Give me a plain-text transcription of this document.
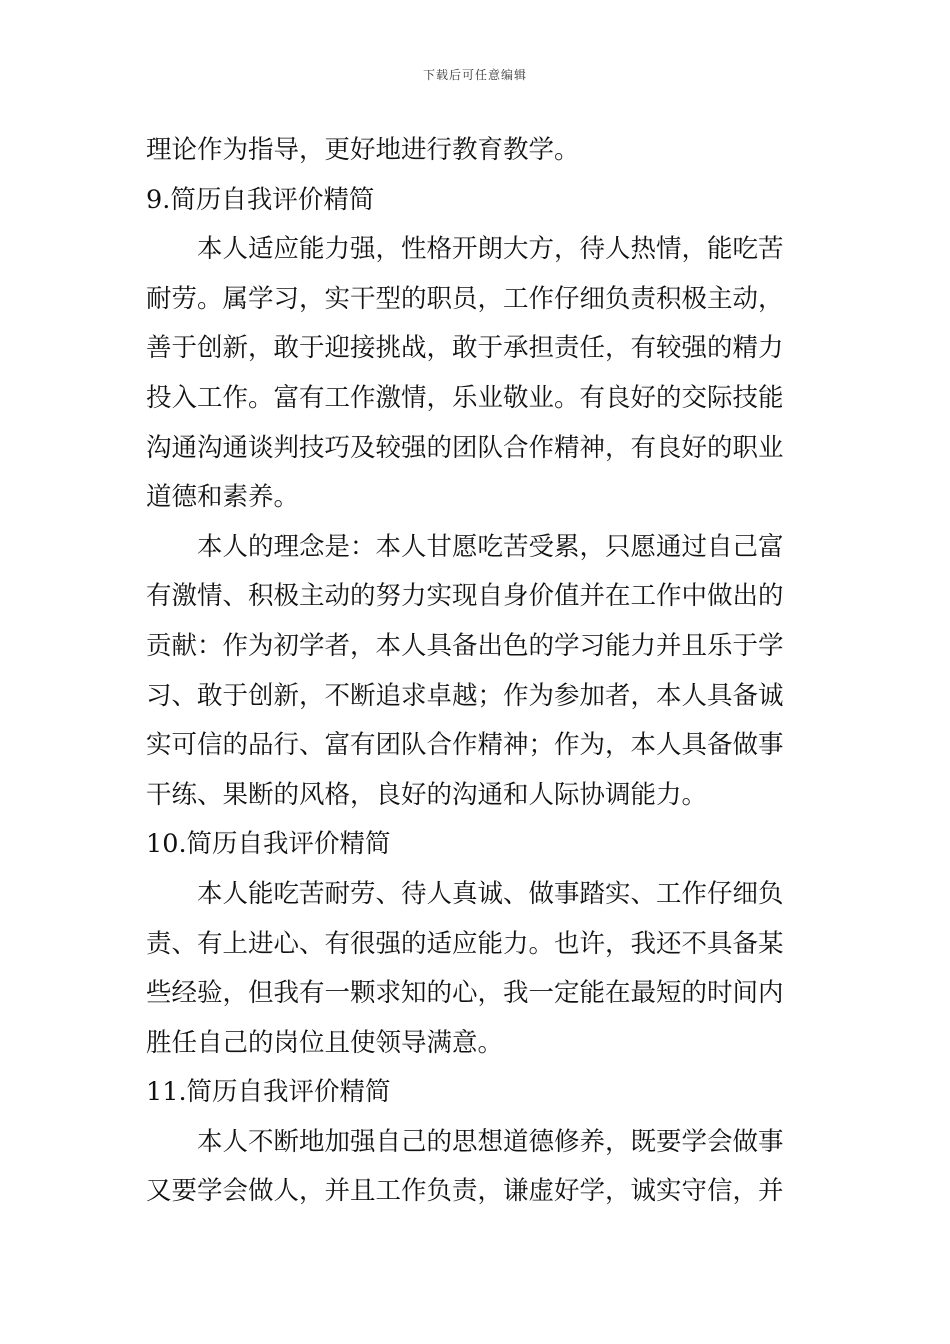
下载后可任意编辑
理论作为指导，更好地进行教育教学。
9.简历自我评价精简
本人适应能力强，性格开朗大方，待人热情，能吃苦
耐劳。属学习，实干型的职员，工作仔细负责积极主动，
善于创新，敢于迎接挑战，敢于承担责任，有较强的精力
投入工作。富有工作激情，乐业敬业。有良好的交际技能
沟通沟通谈判技巧及较强的团队合作精神，有良好的职业
道德和素养。
本人的理念是：本人甘愿吃苦受累，只愿通过自己富
有激情、积极主动的努力实现自身价值并在工作中做出的
贡献：作为初学者，本人具备出色的学习能力并且乐于学
习、敢于创新，不断追求卓越；作为参加者，本人具备诚
实可信的品行、富有团队合作精神；作为，本人具备做事
干练、果断的风格，良好的沟通和人际协调能力。
10.简历自我评价精简
本人能吃苦耐劳、待人真诚、做事踏实、工作仔细负
责、有上进心、有很强的适应能力。也许，我还不具备某
些经验，但我有一颗求知的心，我一定能在最短的时间内
胜任自己的岗位且使领导满意。
11.简历自我评价精简
本人不断地加强自己的思想道德修养，既要学会做事
又要学会做人，并且工作负责，谦虚好学，诚实守信，并
